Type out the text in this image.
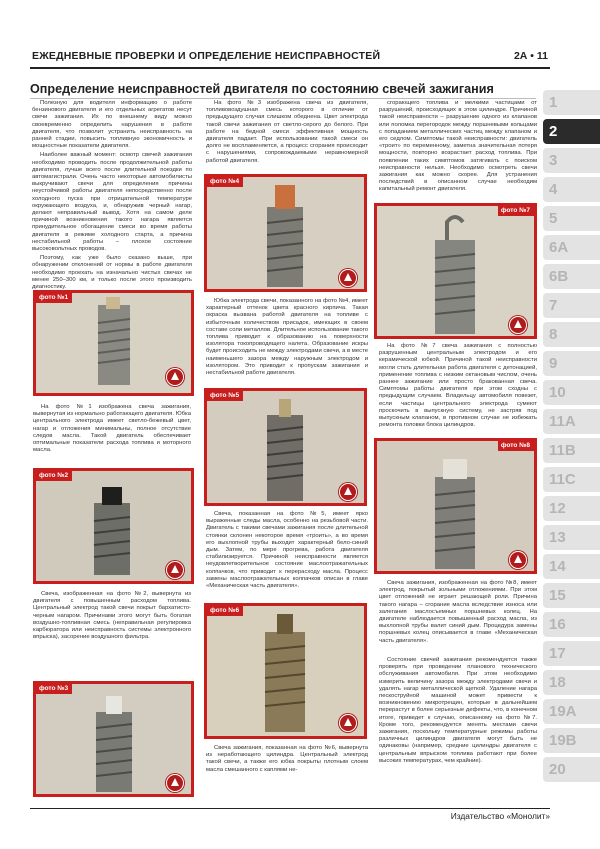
ЕЖЕДНЕВНЫЕ ПРОВЕРКИ И ОПРЕДЕЛЕНИЕ НЕИСПРАВНОСТЕЙ	2А • 11
Определение неисправностей двигателя по состоянию свечей зажигания

Полезную для водителя информацию о работе бензинового двигателя и его отдельных агрегатов несут свечи зажигания. Их по внешнему виду можно своевременно определить нарушения в работе двигателя, что позволит устранить неисправность на ранней стадии, повысить топливную экономичность и мощностные показатели двигателя.

Наиболее важный момент: осмотр свечей зажигания необходимо проводить после продолжительной работы двигателя, лучше всего после длительной поездки по автомагистрали. Очень часто некоторые автомобилисты выкручивают свечи для определения причины неустойчивой работы двигателя непосредственно после холодного пуска при отрицательной температуре окружающего воздуха, и, обнаружив черный нагар, делают неправильный вывод. Хотя на самом деле причиной возникновения такого нагара является принудительное обогащение смеси во время работы двигателя в режиме холодного старта, а причина нестабильной работы – плохое состояние высоковольтных проводов.

Поэтому, как уже было сказано выше, при обнаружении отклонений от нормы в работе двигателя необходимо проехать на изначально чистых свечах не менее 250–300 км, и только после этого производить диагностику.

фото №1

На фото №1 изображена свеча зажигания, вывернутая из нормально работающего двигателя. Юбка центрального электрода имеет светло-бежевый цвет, нагар и отложения минимальны, полное отсутствие следов масла. Такой двигатель обеспечивает оптимальные показатели расхода топлива и моторного масла.

фото №2

Свеча, изображенная на фото №2, вывернута из двигателя с повышенным расходом топлива. Центральный электрод такой свечи покрыт бархатисто-черным нагаром. Причинами этого могут быть богатая воздушно-топливная смесь (неправильная регулировка карбюратора или неисправность системы электронного впрыска), засорение воздушного фильтра.

фото №3

На фото №3 изображена свеча из двигателя, топливовоздушная смесь которого в отличие от предыдущего случая слишком обеднена. Цвет электрода такой свечи зажигания от светло-серого до белого. При работе на бедной смеси эффективная мощность двигателя падает. При использовании такой смеси он долго не воспламеняется, а процесс сгорания происходит с нарушениями, сопровождаемыми неравномерной работой двигателя.

фото №4

Юбка электрода свечи, показанного на фото №4, имеет характерный оттенок цвета красного кирпича. Такая окраска вызвана работой двигателя на топливе с избыточным количеством присадок, имеющих в своем составе соли металлов. Длительное использование такого топлива приводит к образованию на поверхности изолятора токопроводящего налета. Образование искры будет происходить не между электродами свечи, а в месте наименьшего зазора между наружным электродом и изолятором. Это приводит к пропускам зажигания и нестабильной работе двигателя.

фото №5

Свеча, показанная на фото №5, имеет ярко выраженные следы масла, особенно на резьбовой части. Двигатель с такими свечами зажигания после длительной стоянки склонен некоторое время «троить», а во время его выхлопной трубы выходит характерный бело-синий дым. Затем, по мере прогрева, работа двигателя стабилизируется. Причиной неисправности является неудовлетворительное состояние маслоотражательных колпачков, что приводит к перерасходу масла. Процесс замены маслоотражательных колпачков описан в главе «Механическая часть двигателя».

фото №6

Свеча зажигания, показанная на фото №6, вывернута из неработающего цилиндра. Центральный электрод такой свечи, а также его юбка покрыты плотным слоем масла смешанного с каплями не-

сгорающего топлива и мелкими частицами от разрушений, происходящих в этом цилиндре. Причиной такой неисправности – разрушение одного из клапанов или поломка перегородок между поршневыми кольцами с попаданием металлических частиц между клапаном и его седлом. Симптомы такой неисправности: двигатель «троит» по переменному, заметна значительная потеря мощности, повторно возрастает расход топлива. При появлении таких симптомов затягивать с поиском неисправности нельзя. Необходимо осмотреть свечи зажигания как можно скорее. Для устранения последствий в описанном случае необходим капитальный ремонт двигателя.

фото №7

На фото №7 свеча зажигания с полностью разрушенным центральным электродом и его керамической юбкой. Причиной такой неисправности могли стать длительная работа двигателя с детонацией, применение топлива с низким октановым числом, очень раннее зажигание или просто бракованная свеча. Симптомы работы двигателя при этом сходны с предыдущим случаем. Владельцу автомобиля повезет, если частицы центрального электрода сумеют проскочить в выпускную систему, не застряв под выпускным клапаном, в противном случае не избежать ремонта головки блока цилиндров.

фото №8

Свеча зажигания, изображенная на фото №8, имеет электрод, покрытый зольными отложениями. При этом цвет отложений не играет решающей роли. Причина такого нагара – сгорание масла вследствие износа или залегания маслосъемных поршневых колец. На двигателе наблюдается повышенный расход масла, из выхлопной трубы валит синий дым. Процедура замены поршневых колец описывается в главе «Механическая часть двигателя».

Состояние свечей зажигания рекомендуется также проверять при проведении планового технического обслуживания автомобиля. При этом необходимо измерить величину зазора между электродами свечи и удалять нагар металлической щеткой. Удаление нагара пескоструйной машиной может привести к возникновению микротрещин, которые в дальнейшем перерастут в более серьезные дефекты, что, в конечном итоге, приведет к случаю, описанному на фото №7. Кроме того, рекомендуется менять местами свечи зажигания, поскольку температурные режимы работы различных цилиндров двигателя могут быть не одинаковы (например, средние цилиндры двигателя с центральным впрыском топлива работают при более высоких температурах, чем крайние).

1
2
3
4
5
6A
6B
7
8
9
10
11A
11B
11C
12
13
14
15
16
17
18
19A
19B
20
Издательство «Монолит»
